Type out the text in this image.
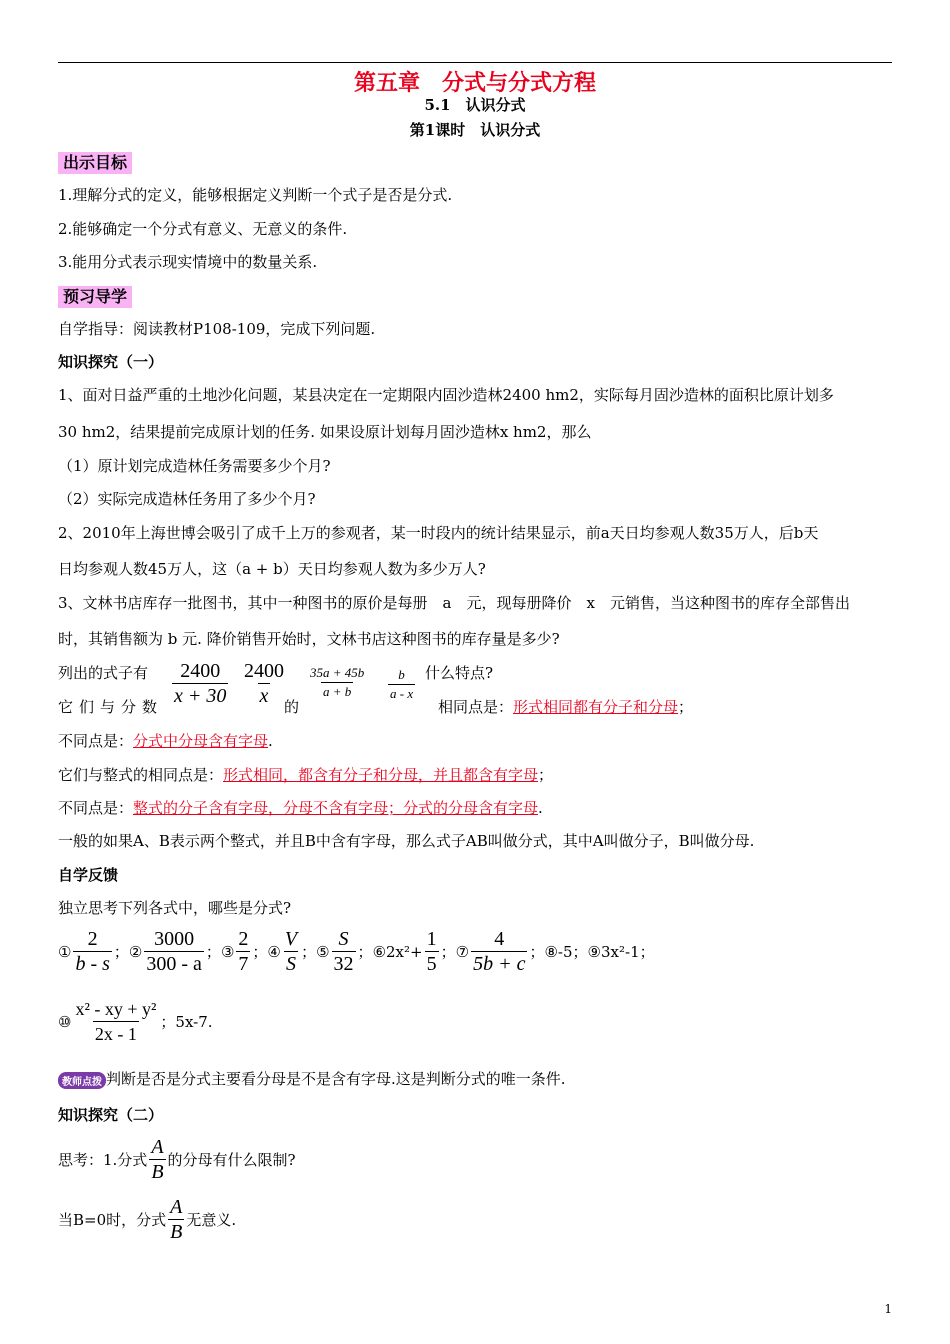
第五章　分式与分式方程
5.1　认识分式
第1课时　认识分式
出示目标
1.理解分式的定义，能够根据定义判断一个式子是否是分式.
2.能够确定一个分式有意义、无意义的条件.
3.能用分式表示现实情境中的数量关系.
预习导学
自学指导：阅读教材P108-109，完成下列问题.
知识探究（一）
1、面对日益严重的土地沙化问题，某县决定在一定期限内固沙造林2400 hm2，实际每月固沙造林的面积比原计划多
30 hm2，结果提前完成原计划的任务. 如果设原计划每月固沙造林x hm2，那么
（1）原计划完成造林任务需要多少个月?
（2）实际完成造林任务用了多少个月?
2、2010年上海世博会吸引了成千上万的参观者，某一时段内的统计结果显示，前a天日均参观人数35万人，后b天
日均参观人数45万人，这（a + b）天日均参观人数为多少万人?
3、文林书店库存一批图书，其中一种图书的原价是每册　a　元，现每册降价　x　元销售，当这种图书的库存全部售出
时，其销售额为 b 元. 降价销售开始时，文林书店这种图书的库存量是多少?
列出的式子有 $\frac{2400}{x + 30} \frac{2400}{x} \frac{35a + 45b}{a + b} \frac{b}{a - x}$ 什么特点?
它们与分数	的	相同点是：形式相同都有分子和分母；
不同点是：分式中分母含有字母.
它们与整式的相同点是：形式相同，都含有分子和分母，并且都含有字母；
不同点是：整式的分子含有字母，分母不含有字母；分式的分母含有字母.
一般的如果A、B表示两个整式，并且B中含有字母，那么式子AB叫做分式，其中A叫做分子，B叫做分母.
自学反馈
独立思考下列各式中，哪些是分式?
① $\frac{2}{b - s}$ ； ② $\frac{3000}{300 - a}$ ； ③ $\frac{2}{7}$ ； ④ $\frac{V}{S}$ ； ⑤ $\frac{S}{32}$ ； ⑥ $2x^2+ \frac{1}{5}$ ； ⑦ $\frac{4}{5b + c}$ ； ⑧-5 ； ⑨3x²-1 ；
⑩ $\frac{\text{x² - xy + y²}}{2x - 1}$ ； 5x-7.
教师点拨 判断是否是分式主要看分母是不是含有字母.这是判断分式的唯一条件.
知识探究（二）
思考：1.分式 $\frac{A}{B}$ 的分母有什么限制?
当B=0时，分式 $\frac{A}{B}$ 无意义.
1
